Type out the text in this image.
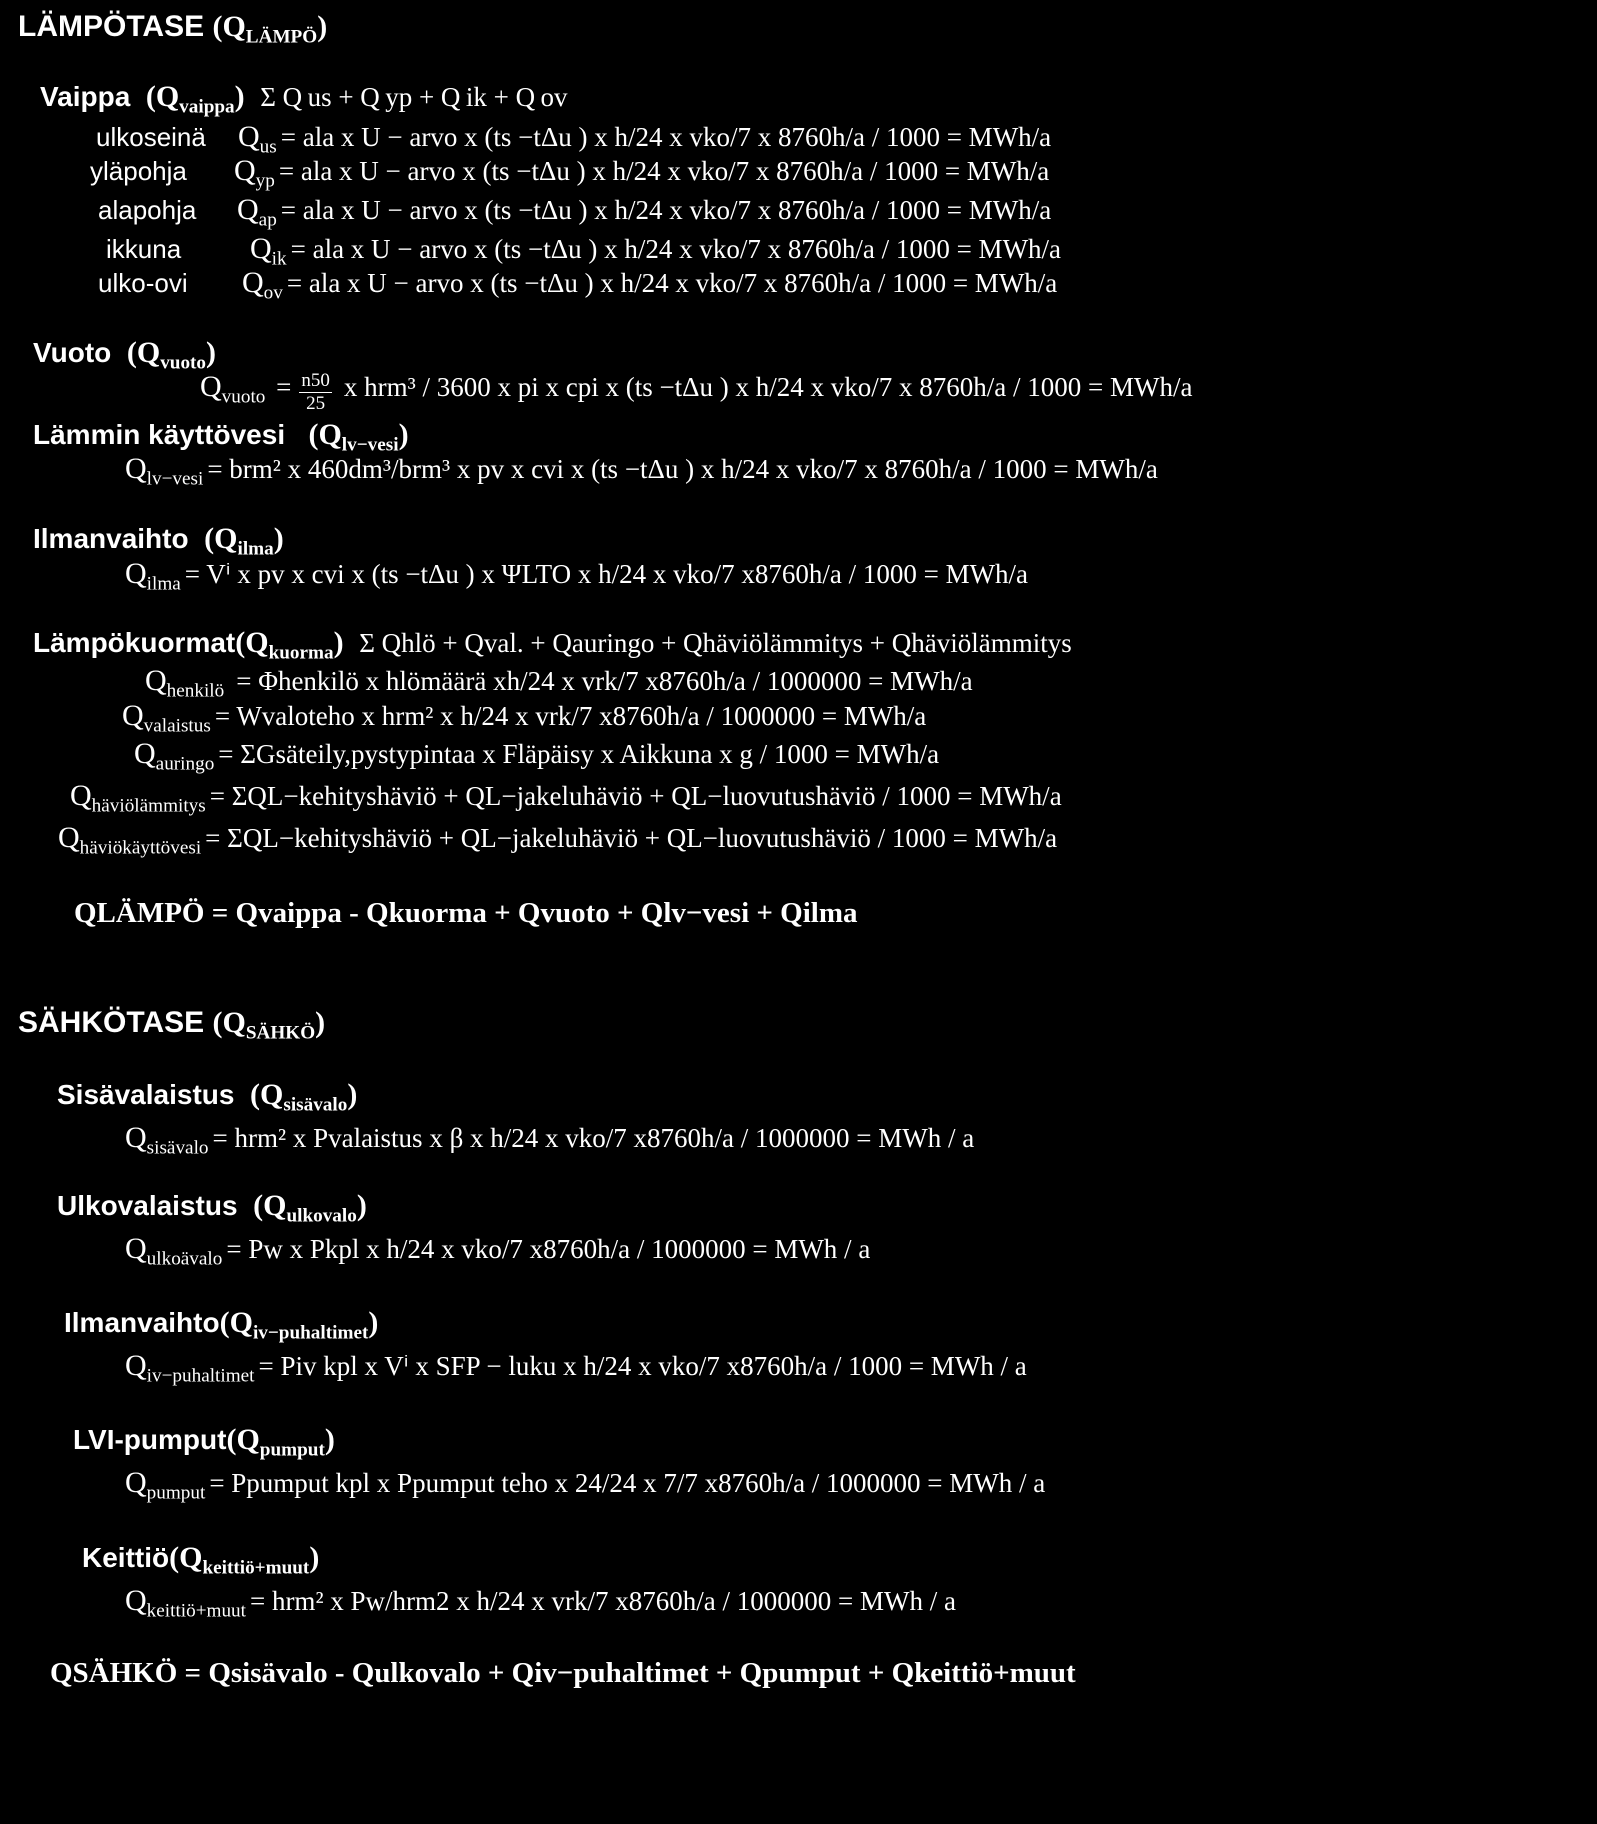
LÄMPÖTASE $(Q_{LÄMPÖ})$
Vaippa $(Q_{vaippa})$ Σ Q us + Q yp + Q ik + Q ov
ulkoseinä $Q_{us}$ = ala x U − arvo x (ts −tΔu ) x h/24 x vko/7 x 8760h/a / 1000 = MWh/a
yläpohja $Q_{yp}$ = ala x U − arvo x (ts −tΔu ) x h/24 x vko/7 x 8760h/a / 1000 = MWh/a
alapohja $Q_{ap}$ = ala x U − arvo x (ts −tΔu ) x h/24 x vko/7 x 8760h/a / 1000 = MWh/a
ikkuna $Q_{ik}$ = ala x U − arvo x (ts −tΔu ) x h/24 x vko/7 x 8760h/a / 1000 = MWh/a
ulko-ovi $Q_{ov}$ = ala x U − arvo x (ts −tΔu ) x h/24 x vko/7 x 8760h/a / 1000 = MWh/a
Vuoto $(Q_{vuoto})$
$Q_{vuoto} = \frac{n50}{25}$ x hrm³ / 3600 x pi x cpi x (ts −tΔu ) x h/24 x vko/7 x 8760h/a / 1000 = MWh/a
Lämmin käyttövesi $(Q_{lv-vesi})$
$Q_{lv-vesi} = brm^2$ x 460dm³/brm³ x pv x cvi x (ts −tΔu ) x h/24 x vko/7 x 8760h/a / 1000 = MWh/a
Ilmanvaihto $(Q_{ilma})$
$Q_{ilma} = V^i$ x pv x cvi x (ts −tΔu ) x ΨLTO x h/24 x vko/7 x8760h/a / 1000 = MWh/a
$Lämpökuormat(Q_{kuorma})$ Σ Qhlö + Qval. + Qauringo + Qhäviölämmitys + Qhäviölämmitys
$Q_{henkilö}$ = Φhenkilö x hlömäärä xh/24 x vrk/7 x8760h/a / 1000000 = MWh/a
$Q_{valaistus}$ = Wvaloteho x hrm² x h/24 x vrk/7 x8760h/a / 1000000 = MWh/a
$Q_{auringo}$ = ΣGsäteily,pystypintaa x Fläpäisy x Aikkuna x g / 1000 = MWh/a
$Q_{häviölämmitys}$ = ΣQL−kehityshäviö + QL−jakeluhäviö + QL−luovutushäviö / 1000 = MWh/a
$Q_{häviökäyttövesi}$ = ΣQL−kehityshäviö + QL−jakeluhäviö + QL−luovutushäviö / 1000 = MWh/a
QLÄMPÖ = Qvaippa - Qkuorma + Qvuoto + Qlv−vesi + Qilma
SÄHKÖTASE $(Q_{SÄHKÖ})$
Sisävalaistus $(Q_{sisävalo})$
$Q_{sisävalo} = hrm^2$ x Pvalaistus x β x h/24 x vko/7 x8760h/a / 1000000 = MWh / a
Ulkovalaistus $(Q_{ulkovalo})$
$Q_{ulkoävalo} = Pw$ x Pkpl x h/24 x vko/7 x8760h/a / 1000000 = MWh / a
$Ilmanvaihto(Q_{iv-puhaltimet})$
$Q_{iv-puhaltimet}$ = Piv kpl x Vⁱ x SFP − luku x h/24 x vko/7 x8760h/a / 1000 = MWh / a
LVI-$pumput(Q_{pumput})$
$Q_{pumput}$ = Ppumput kpl x Ppumput teho x 24/24 x 7/7 x8760h/a / 1000000 = MWh / a
$Keittiö(Q_{keittiö+muut})$
$Q_{keittiö+muut} = hrm^2$ x Pw/hrm2 x h/24 x vrk/7 x8760h/a / 1000000 = MWh / a
QSÄHKÖ = Qsisävalo - Qulkovalo + Qiv−puhaltimet + Qpumput + Qkeittiö+muut
